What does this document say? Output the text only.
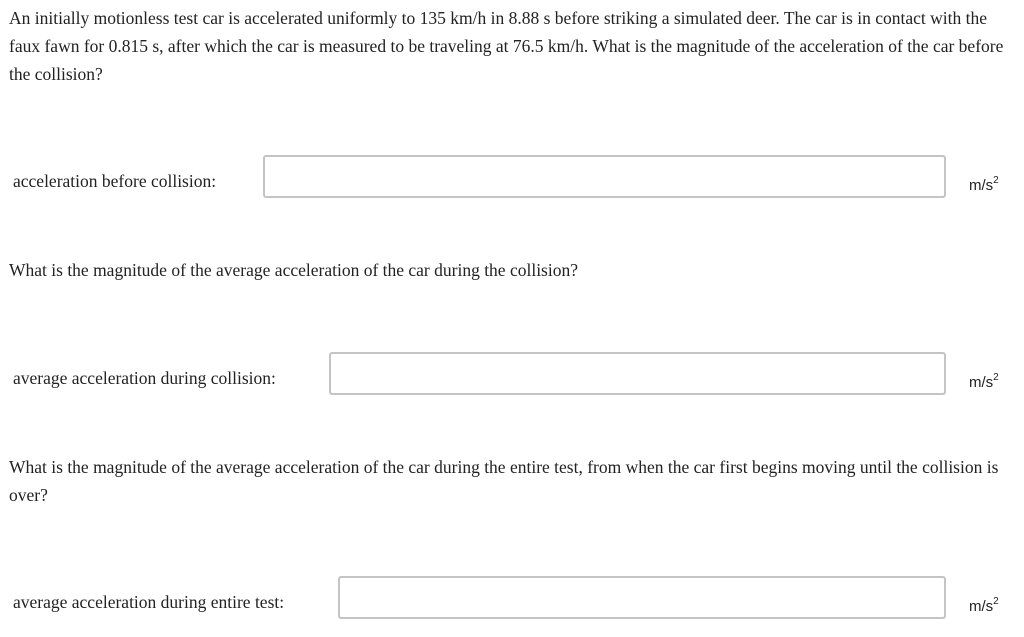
An initially motionless test car is accelerated uniformly to 135 km/h in 8.88 s before striking a simulated deer. The car is in contact with the faux fawn for 0.815 s, after which the car is measured to be traveling at 76.5 km/h. What is the magnitude of the acceleration of the car before the collision?

acceleration before collision:	$m/s^2$

What is the magnitude of the average acceleration of the car during the collision?

average acceleration during collision:	$m/s^2$

What is the magnitude of the average acceleration of the car during the entire test, from when the car first begins moving until the collision is over?

average acceleration during entire test:	$m/s^2$
